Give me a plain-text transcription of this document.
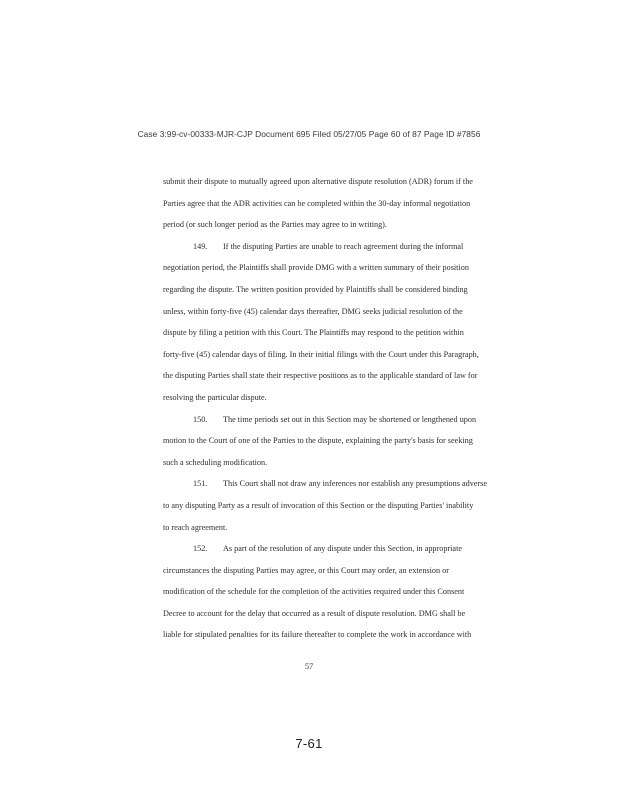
Case 3:99-cv-00333-MJR-CJP Document 695 Filed 05/27/05 Page 60 of 87 Page ID #7856
submit their dispute to mutually agreed upon alternative dispute resolution (ADR) forum if the
Parties agree that the ADR activities can be completed within the 30-day informal negotiation
period (or such longer period as the Parties may agree to in writing).
149. If the disputing Parties are unable to reach agreement during the informal
negotiation period, the Plaintiffs shall provide DMG with a written summary of their position
regarding the dispute. The written position provided by Plaintiffs shall be considered binding
unless, within forty-five (45) calendar days thereafter, DMG seeks judicial resolution of the
dispute by filing a petition with this Court. The Plaintiffs may respond to the petition within
forty-five (45) calendar days of filing. In their initial filings with the Court under this Paragraph,
the disputing Parties shall state their respective positions as to the applicable standard of law for
resolving the particular dispute.
150. The time periods set out in this Section may be shortened or lengthened upon
motion to the Court of one of the Parties to the dispute, explaining the party's basis for seeking
such a scheduling modification.
151. This Court shall not draw any inferences nor establish any presumptions adverse
to any disputing Party as a result of invocation of this Section or the disputing Parties' inability
to reach agreement.
152. As part of the resolution of any dispute under this Section, in appropriate
circumstances the disputing Parties may agree, or this Court may order, an extension or
modification of the schedule for the completion of the activities required under this Consent
Decree to account for the delay that occurred as a result of dispute resolution. DMG shall be
liable for stipulated penalties for its failure thereafter to complete the work in accordance with
57
7-61
